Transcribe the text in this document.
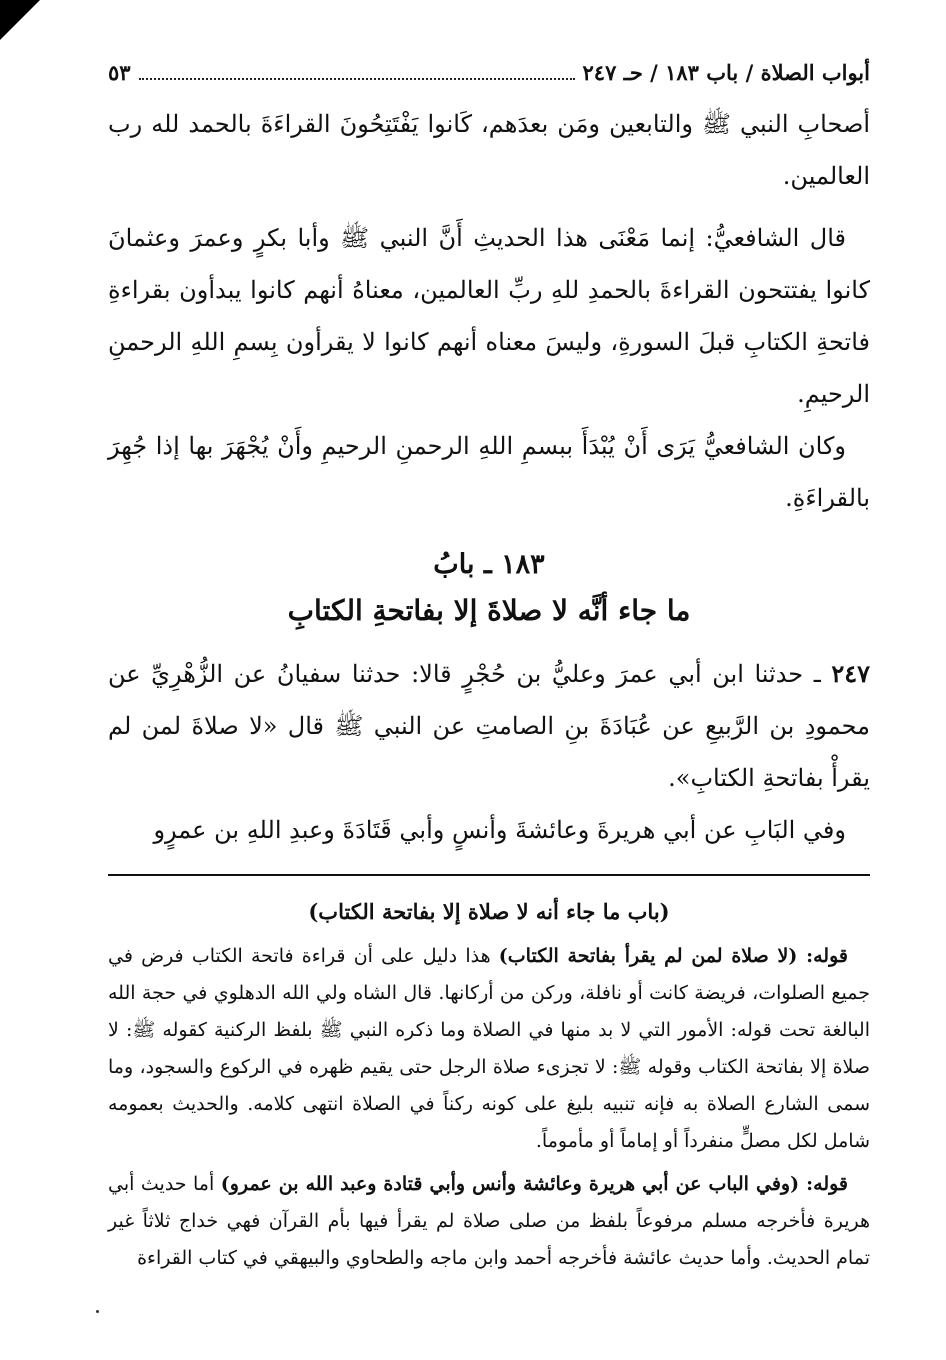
أبواب الصلاة / باب ١٨٣ / حـ ٢٤٧
٥٣

أصحابِ النبي ﷺ والتابعين ومَن بعدَهم، كَانوا يَفْتَتِحُونَ القراءَةَ بالحمد لله رب العالمين.

قال الشافعيُّ: إنما مَعْنَى هذا الحديثِ أَنَّ النبي ﷺ وأبا بكرٍ وعمرَ وعثمانَ كانوا يفتتحون القراءةَ بالحمدِ للهِ ربِّ العالمين، معناهُ أنهم كانوا يبدأون بقراءةِ فاتحةِ الكتابِ قبلَ السورةِ، وليسَ معناه أنهم كانوا لا يقرأون بِسمِ اللهِ الرحمنِ الرحيمِ.

وكان الشافعيُّ يَرَى أَنْ يُبْدَأَ ببسمِ اللهِ الرحمنِ الرحيمِ وأَنْ يُجْهَرَ بها إذا جُهِرَ بالقراءَةِ.

١٨٣ ـ بابُ
ما جاء أنَّه لا صلاةَ إلا بفاتحةِ الكتابِ

٢٤٧ ـ حدثنا ابن أبي عمرَ وعليُّ بن حُجْرٍ قالا: حدثنا سفيانُ عن الزُّهْرِيِّ عن محمودِ بن الرَّبيعِ عن عُبَادَةَ بنِ الصامتِ عن النبي ﷺ قال «لا صلاةَ لمن لم يقرأْ بفاتحةِ الكتابِ».

وفي البَابِ عن أبي هريرةَ وعائشةَ وأنسٍ وأبي قَتَادَةَ وعبدِ اللهِ بن عمرٍو

(باب ما جاء أنه لا صلاة إلا بفاتحة الكتاب)

قوله: (لا صلاة لمن لم يقرأ بفاتحة الكتاب) هذا دليل على أن قراءة فاتحة الكتاب فرض في جميع الصلوات، فريضة كانت أو نافلة، وركن من أركانها. قال الشاه ولي الله الدهلوي في حجة الله البالغة تحت قوله: الأمور التي لا بد منها في الصلاة وما ذكره النبي ﷺ بلفظ الركنية كقوله ﷺ: لا صلاة إلا بفاتحة الكتاب وقوله ﷺ: لا تجزىء صلاة الرجل حتى يقيم ظهره في الركوع والسجود، وما سمى الشارع الصلاة به فإنه تنبيه بليغ على كونه ركناً في الصلاة انتهى كلامه. والحديث بعمومه شامل لكل مصلٍّ منفرداً أو إماماً أو مأموماً.

قوله: (وفي الباب عن أبي هريرة وعائشة وأنس وأبي قتادة وعبد الله بن عمرو) أما حديث أبي هريرة فأخرجه مسلم مرفوعاً بلفظ من صلى صلاة لم يقرأ فيها بأم القرآن فهي خداج ثلاثاً غير تمام الحديث. وأما حديث عائشة فأخرجه أحمد وابن ماجه والطحاوي والبيهقي في كتاب القراءة
